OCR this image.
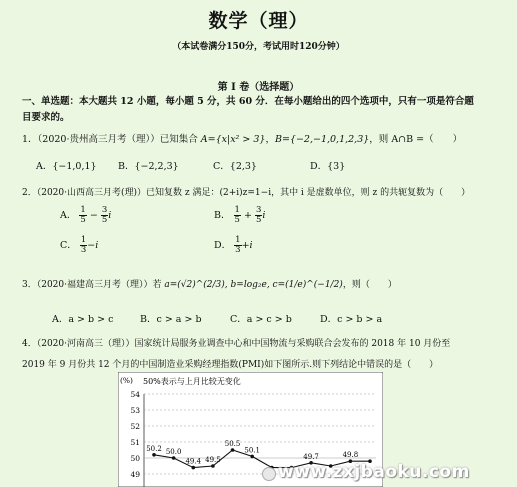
数学（理）
（本试卷满分150分，考试用时120分钟）
第 I 卷（选择题）
一、单选题：本大题共 12 小题，每小题 5 分，共 60 分．在每小题给出的四个选项中，只有一项是符合题
目要求的。
1．（2020·贵州高三月考（理））已知集合 A={x|x² > 3}，B={−2,−1,0,1,2,3}，则 A∩B =（　　）
A．{−1,0,1} B．{−2,2,3}	C．{2,3}	D．{3}
2．（2020·山西高三月考(理)）已知复数 z 满足：(2+i)z=1−i，其中 i 是虚数单位，则 z 的共轭复数为（　　）
A． $\frac{1}{5} - \frac{3}{5}$ i	B． $\frac{1}{5} + \frac{3}{5}$ i
C． $\frac{1}{3} -i$	D． $\frac{1}{3} +i$
3．（2020·福建高三月考（理））若 a=(√2)^(2/3), b=log₂e, c=(1/e)^(−1/2)，则（　　）
A．a > b > c	B．c > a > b	C．a > c > b	D．c > b > a
4．（2020·河南高三（理））国家统计局服务业调查中心和中国物流与采购联合会发布的 2018 年 10 月份至
2019 年 9 月份共 12 个月的中国制造业采购经理指数(PMI)如下图所示.则下列结论中错误的是（　　）
(%) 50%表示与上月比较无变化
54
53
52
51
50
49
50.2 50.0
49.4 49.5
50.5
50.1
49.7	49.8
www.zxjbaoku.com
